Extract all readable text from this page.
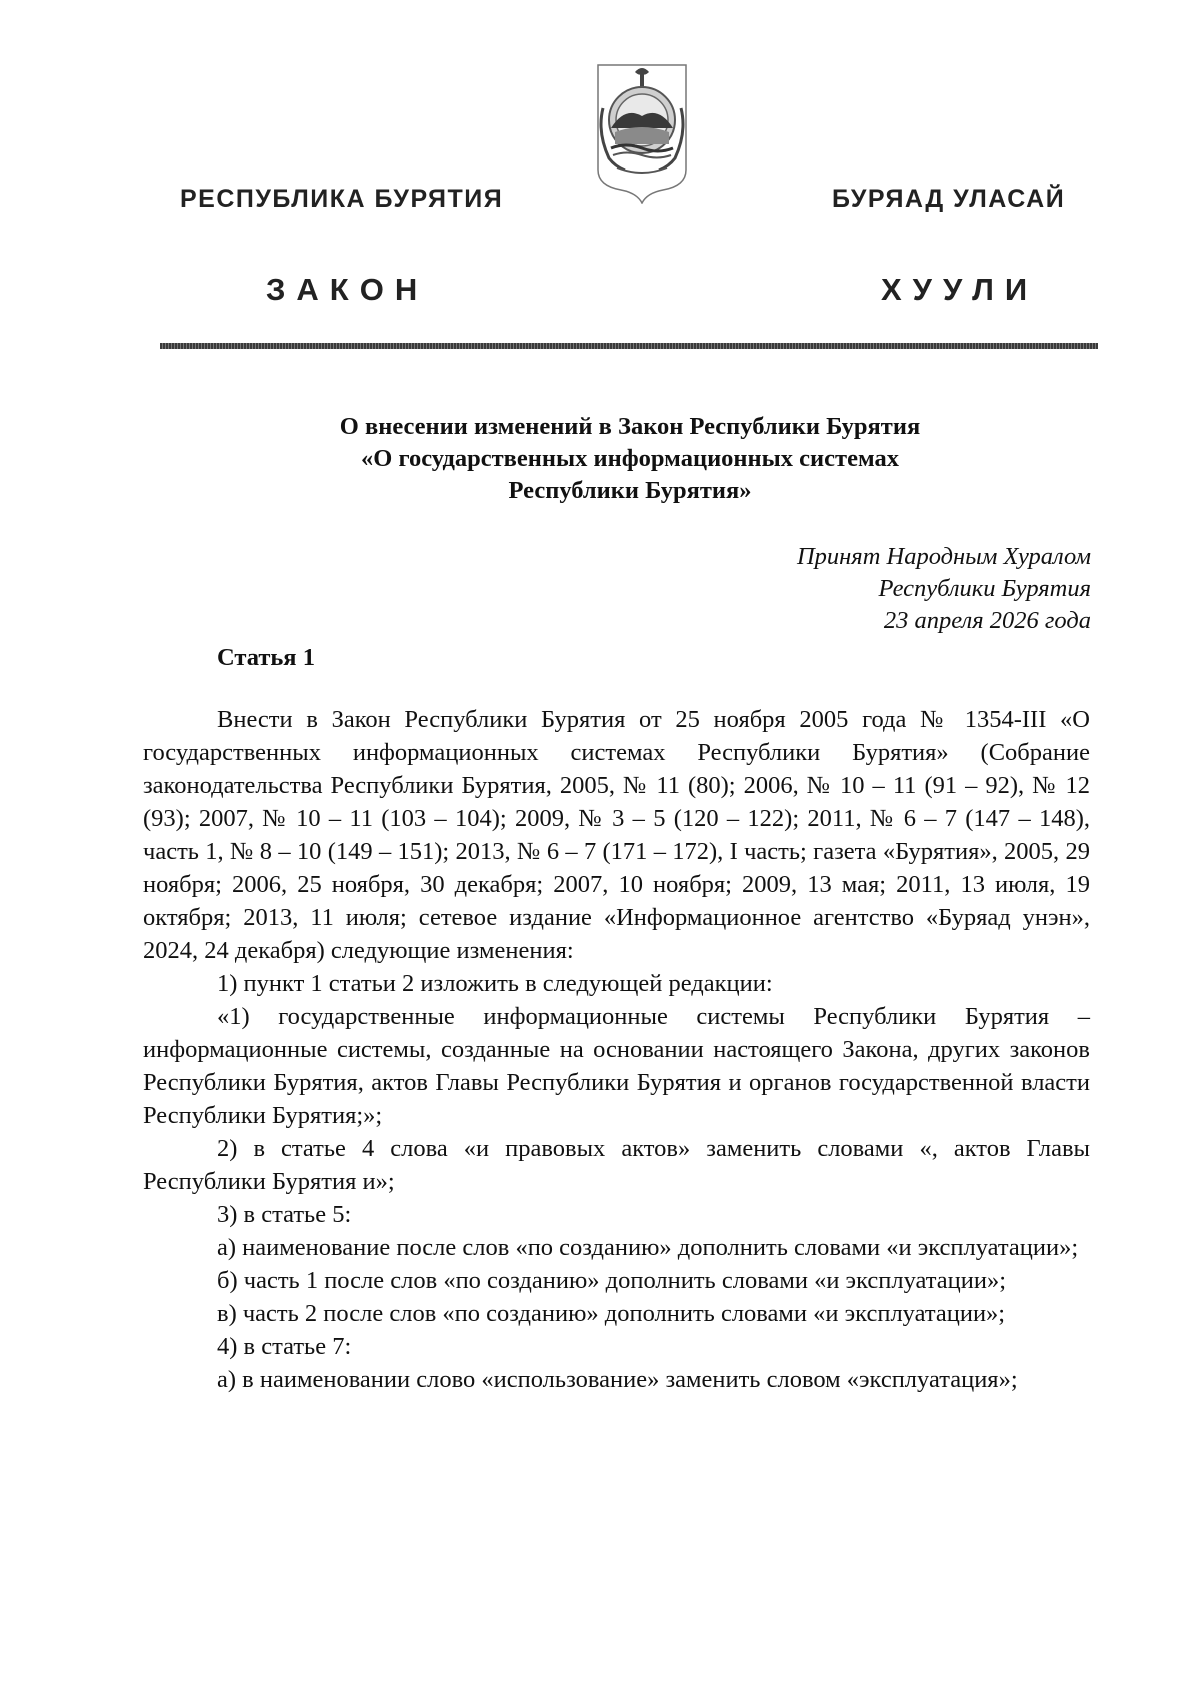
РЕСПУБЛИКА БУРЯТИЯ	БУРЯАД УЛАСАЙ
ЗАКОН	ХУУЛИ
О внесении изменений в Закон Республики Бурятия
«О государственных информационных системах
Республики Бурятия»
Принят Народным Хуралом
Республики Бурятия
23 апреля 2026 года
Статья 1

Внести в Закон Республики Бурятия от 25 ноября 2005 года № 1354-III «О государственных информационных системах Республики Бурятия» (Собрание законодательства Республики Бурятия, 2005, № 11 (80); 2006, № 10 – 11 (91 – 92), № 12 (93); 2007, № 10 – 11 (103 – 104); 2009, № 3 – 5 (120 – 122); 2011, № 6 – 7 (147 – 148), часть 1, № 8 – 10 (149 – 151); 2013, № 6 – 7 (171 – 172), I часть; газета «Бурятия», 2005, 29 ноября; 2006, 25 ноября, 30 декабря; 2007, 10 ноября; 2009, 13 мая; 2011, 13 июля, 19 октября; 2013, 11 июля; сетевое издание «Информационное агентство «Буряад унэн», 2024, 24 декабря) следующие изменения:

1) пункт 1 статьи 2 изложить в следующей редакции:

«1) государственные информационные системы Республики Бурятия – информационные системы, созданные на основании настоящего Закона, других законов Республики Бурятия, актов Главы Республики Бурятия и органов государственной власти Республики Бурятия;»;

2) в статье 4 слова «и правовых актов» заменить словами «, актов Главы Республики Бурятия и»;

3) в статье 5:

а) наименование после слов «по созданию» дополнить словами «и эксплуатации»;

б) часть 1 после слов «по созданию» дополнить словами «и эксплуатации»;

в) часть 2 после слов «по созданию» дополнить словами «и эксплуатации»;

4) в статье 7:

а) в наименовании слово «использование» заменить словом «эксплуатация»;
